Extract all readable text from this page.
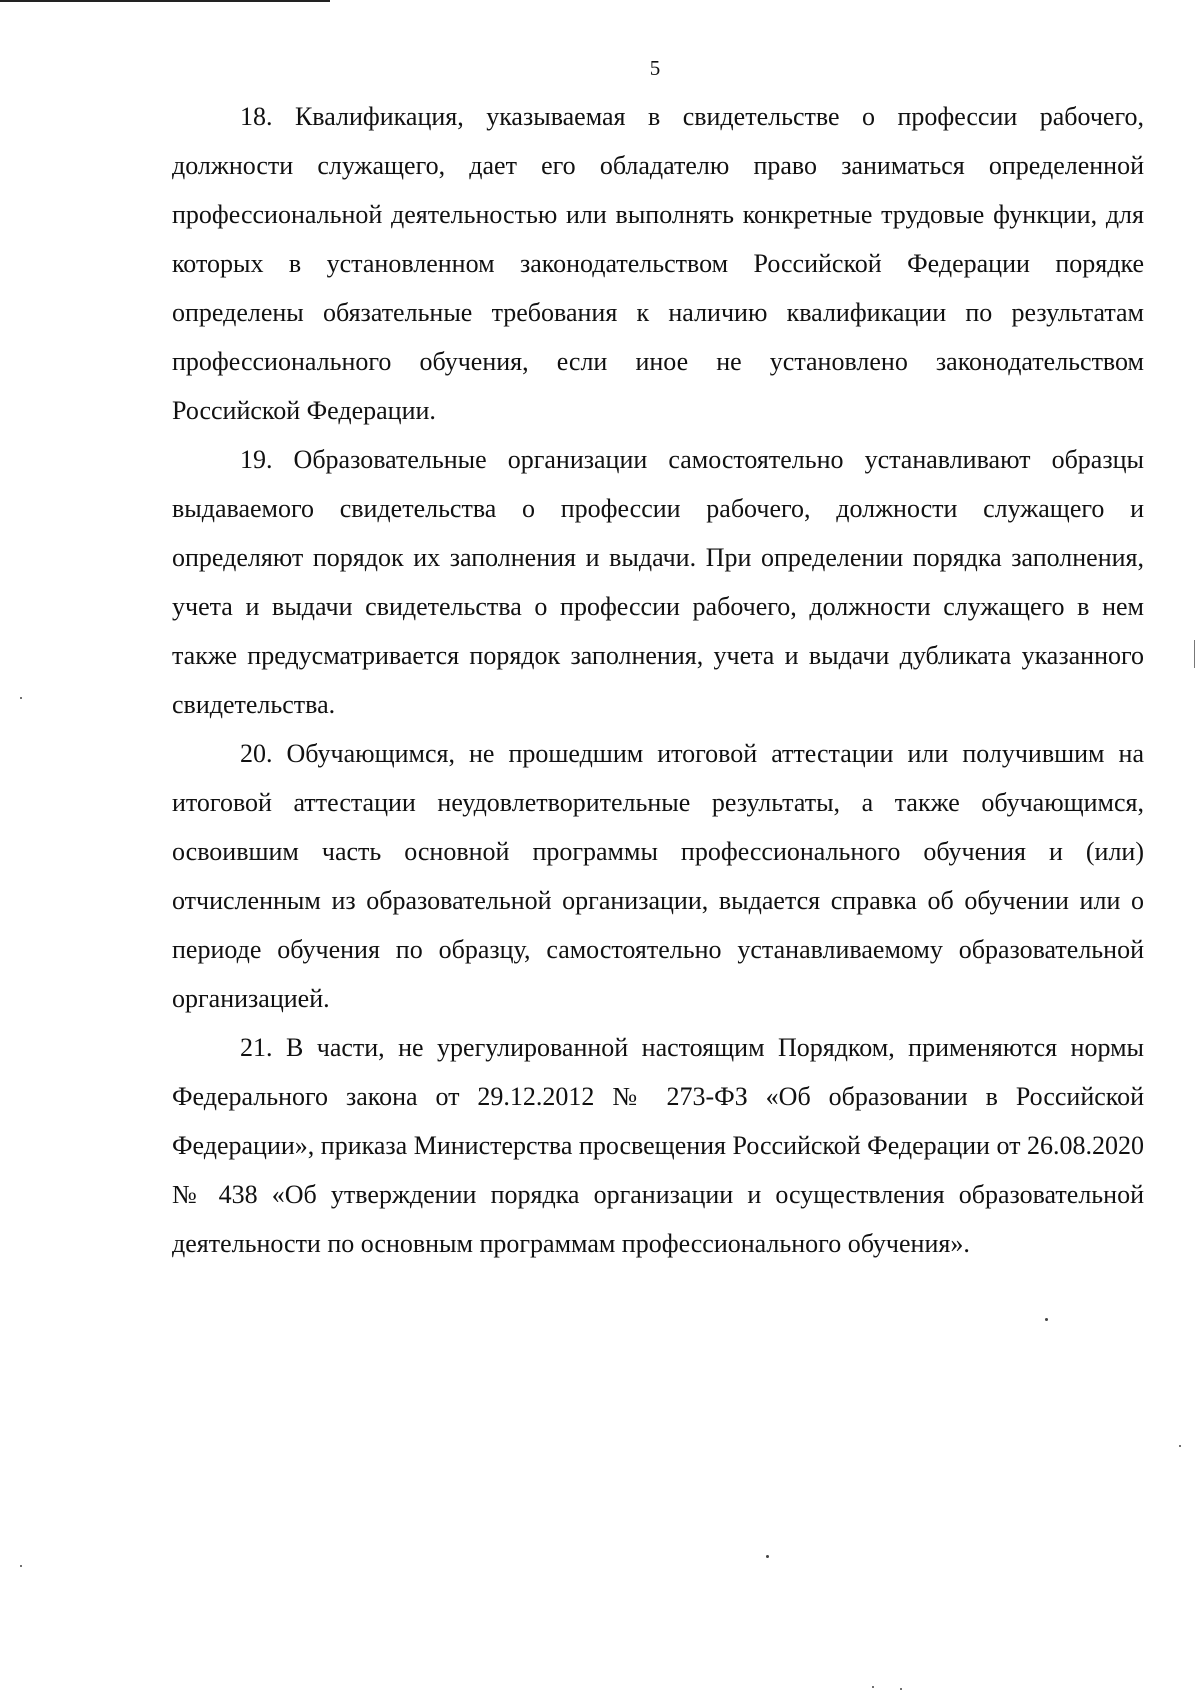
5

18. Квалификация, указываемая в свидетельстве о профессии рабочего, должности служащего, дает его обладателю право заниматься определенной профессиональной деятельностью или выполнять конкретные трудовые функции, для которых в установленном законодательством Российской Федерации порядке определены обязательные требования к наличию квалификации по результатам профессионального обучения, если иное не установлено законодательством Российской Федерации.

19. Образовательные организации самостоятельно устанавливают образцы выдаваемого свидетельства о профессии рабочего, должности служащего и определяют порядок их заполнения и выдачи. При определении порядка заполнения, учета и выдачи свидетельства о профессии рабочего, должности служащего в нем также предусматривается порядок заполнения, учета и выдачи дубликата указанного свидетельства.

20. Обучающимся, не прошедшим итоговой аттестации или получившим на итоговой аттестации неудовлетворительные результаты, а также обучающимся, освоившим часть основной программы профессионального обучения и (или) отчисленным из образовательной организации, выдается справка об обучении или о периоде обучения по образцу, самостоятельно устанавливаемому образовательной организацией.

21. В части, не урегулированной настоящим Порядком, применяются нормы Федерального закона от 29.12.2012 № 273-ФЗ «Об образовании в Российской Федерации», приказа Министерства просвещения Российской Федерации от 26.08.2020 № 438 «Об утверждении порядка организации и осуществления образовательной деятельности по основным программам профессионального обучения».
